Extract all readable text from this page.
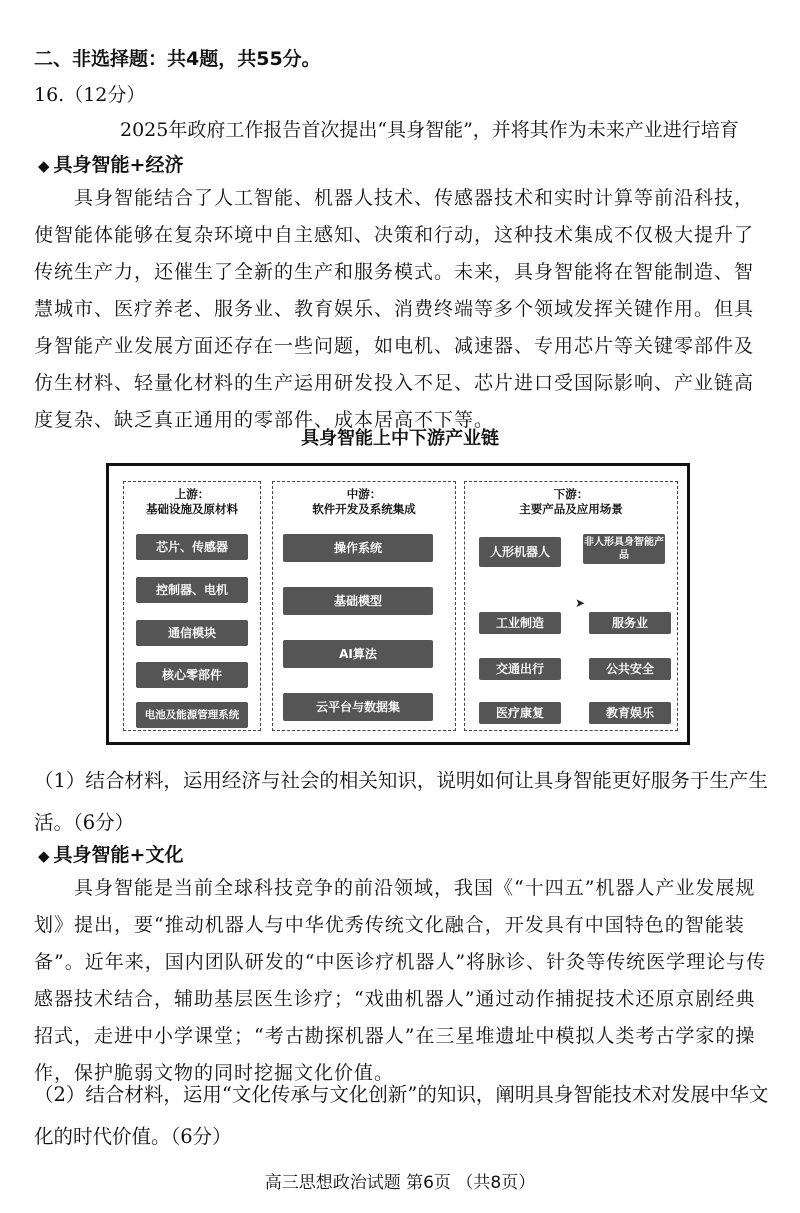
二、非选择题：共4题，共55分。
16.（12分）
2025年政府工作报告首次提出“具身智能”，并将其作为未来产业进行培育
◆ 具身智能+经济
具身智能结合了人工智能、机器人技术、传感器技术和实时计算等前沿科技，使智能体能够在复杂环境中自主感知、决策和行动，这种技术集成不仅极大提升了传统生产力，还催生了全新的生产和服务模式。未来，具身智能将在智能制造、智慧城市、医疗养老、服务业、教育娱乐、消费终端等多个领域发挥关键作用。但具身智能产业发展方面还存在一些问题，如电机、减速器、专用芯片等关键零部件及仿生材料、轻量化材料的生产运用研发投入不足、芯片进口受国际影响、产业链高度复杂、缺乏真正通用的零部件、成本居高不下等。
具身智能上中下游产业链
上游：
基础设施及原材料
芯片、传感器
控制器、电机
通信模块
核心零部件
电池及能源管理系统
中游：
软件开发及系统集成
操作系统
基础模型
AI算法
云平台与数据集
下游：
主要产品及应用场景
人形机器人
非人形具身智能产品
➤
工业制造	服务业
交通出行	公共安全
医疗康复	教育娱乐
（1）结合材料，运用经济与社会的相关知识，说明如何让具身智能更好服务于生产生活。（6分）
◆ 具身智能+文化
具身智能是当前全球科技竞争的前沿领域，我国《“十四五”机器人产业发展规划》提出，要“推动机器人与中华优秀传统文化融合，开发具有中国特色的智能装备”。近年来，国内团队研发的“中医诊疗机器人”将脉诊、针灸等传统医学理论与传感器技术结合，辅助基层医生诊疗；“戏曲机器人”通过动作捕捉技术还原京剧经典招式，走进中小学课堂；“考古勘探机器人”在三星堆遗址中模拟人类考古学家的操作，保护脆弱文物的同时挖掘文化价值。
（2）结合材料，运用“文化传承与文化创新”的知识，阐明具身智能技术对发展中华文化的时代价值。（6分）
高三思想政治试题 第6页 （共8页）
